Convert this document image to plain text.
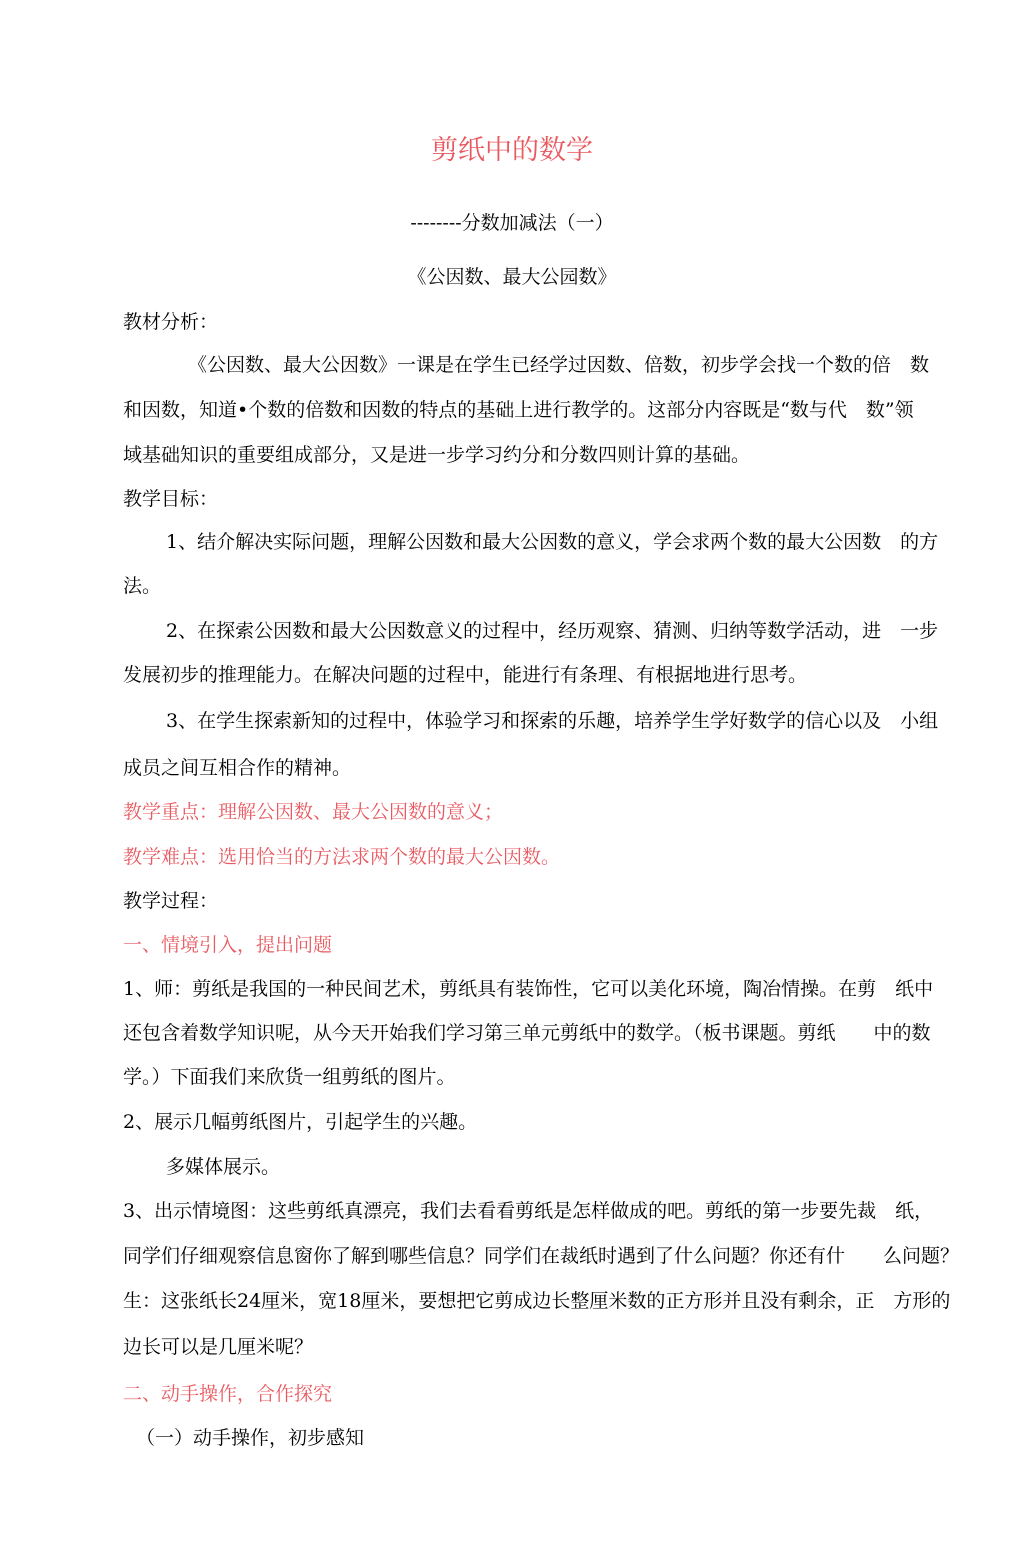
剪纸中的数学
--------分数加减法（一）
《公因数、最大公园数》
教材分析：
《公因数、最大公因数》一课是在学生已经学过因数、倍数，初步学会找一个数的倍　数
和因数，知道•个数的倍数和因数的特点的基础上进行教学的。这部分内容既是“数与代　数”领
域基础知识的重要组成部分，又是进一步学习约分和分数四则计算的基础。
教学目标：
1、结介解决实际问题，理解公因数和最大公因数的意义，学会求两个数的最大公因数　的方
法。
2、在探索公因数和最大公因数意义的过程中，经历观察、猜测、归纳等数学活动，进　一步
发展初步的推理能力。在解决问题的过程中，能进行有条理、有根据地进行思考。
3、在学生探索新知的过程中，体验学习和探索的乐趣，培养学生学好数学的信心以及　小组
成员之间互相合作的精神。
教学重点：理解公因数、最大公因数的意义；
教学难点：选用恰当的方法求两个数的最大公因数。
教学过程：
一、情境引入，提出问题
1、师：剪纸是我国的一种民间艺术，剪纸具有装饰性，它可以美化环境，陶冶情操。在剪　纸中
还包含着数学知识呢，从今天开始我们学习第三单元剪纸中的数学。（板书课题。剪纸　　中的数
学。）下面我们来欣货一组剪纸的图片。
2、展示几幅剪纸图片，引起学生的兴趣。
多媒体展示。
3、出示情境图：这些剪纸真漂亮，我们去看看剪纸是怎样做成的吧。剪纸的第一步要先裁　纸，
同学们仔细观察信息窗你了解到哪些信息？同学们在裁纸时遇到了什么问题？你还有什　　么问题？
生：这张纸长24厘米，宽18厘米，要想把它剪成边长整厘米数的正方形并且没有剩余，正　方形的
边长可以是几厘米呢？
二、动手操作，合作探究
（一）动手操作，初步感知
